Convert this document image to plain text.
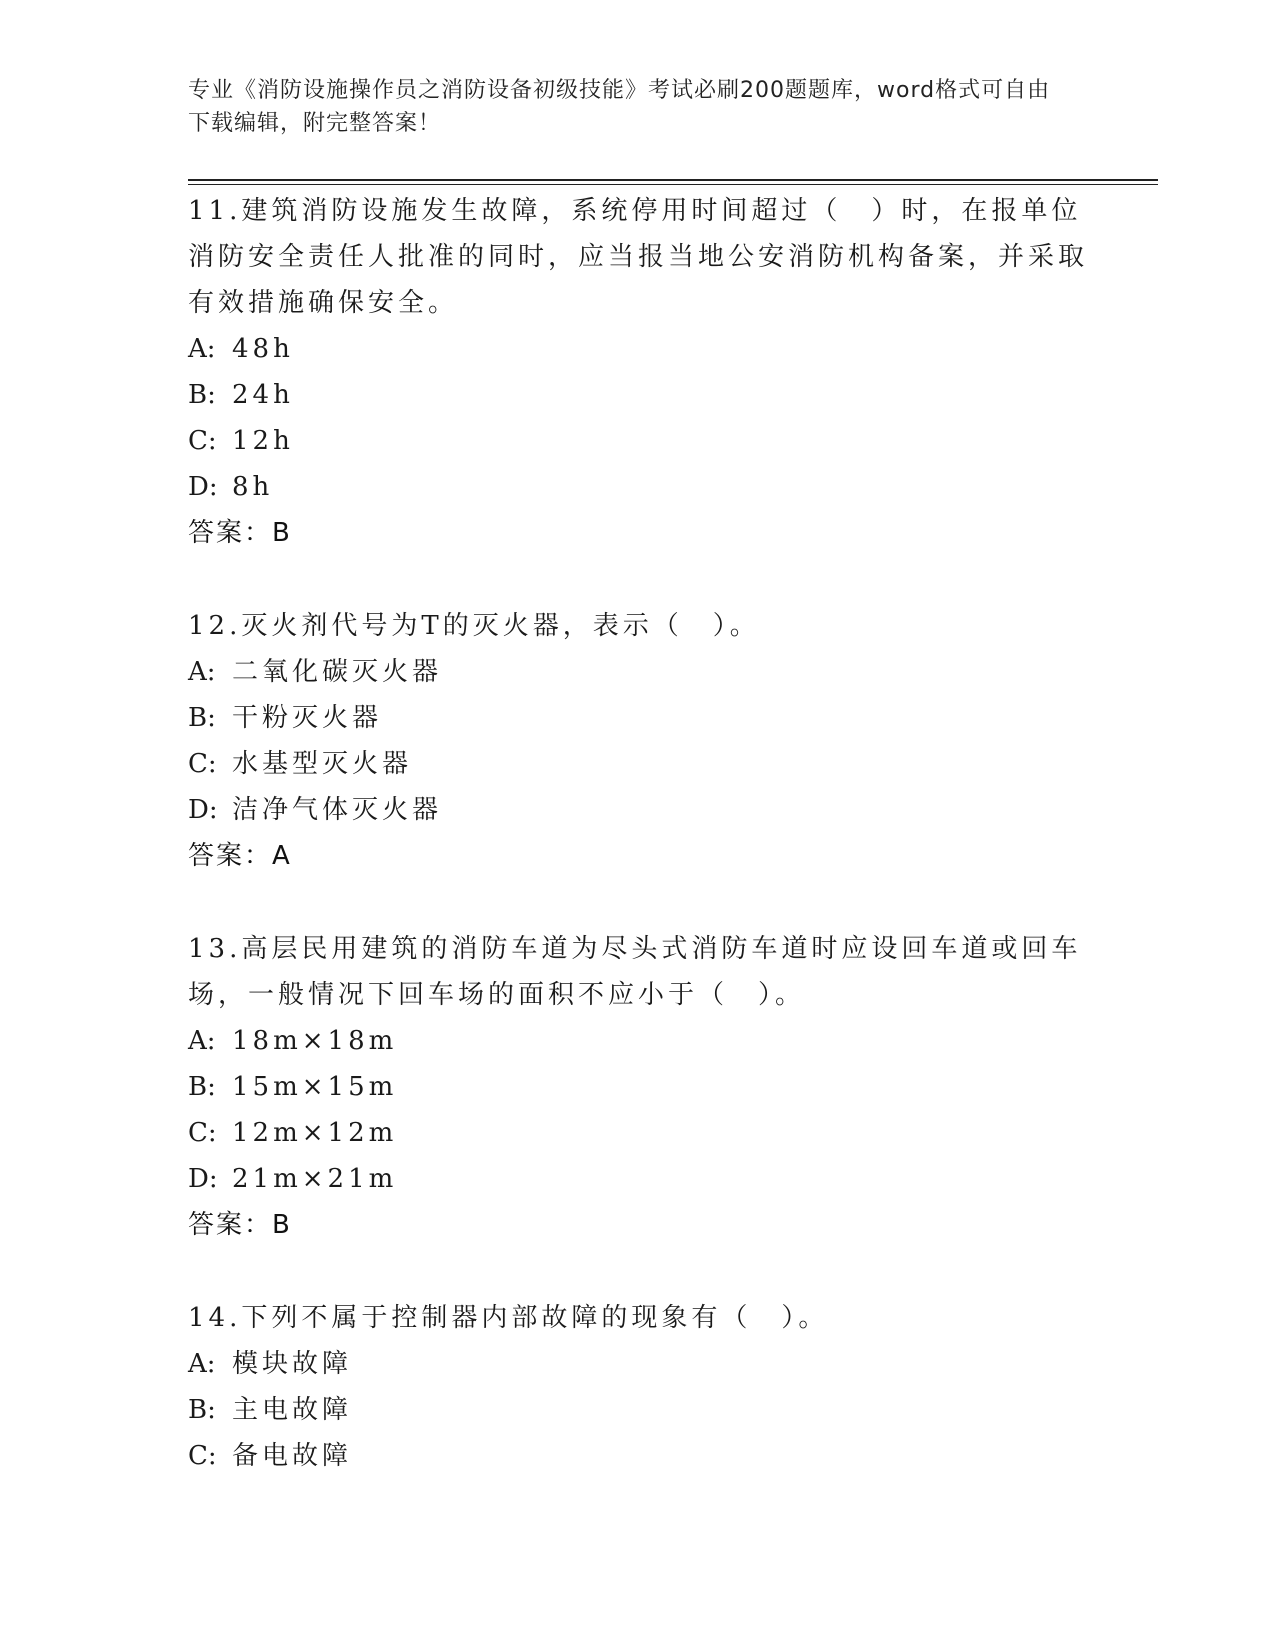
专业《消防设施操作员之消防设备初级技能》考试必刷200题题库，word格式可自由下载编辑，附完整答案！

11.建筑消防设施发生故障，系统停用时间超过（　）时，在报单位消防安全责任人批准的同时，应当报当地公安消防机构备案，并采取有效措施确保安全。

A: 48h

B: 24h

C: 12h

D: 8h

答案：B

12.灭火剂代号为T的灭火器，表示（　）。

A: 二氧化碳灭火器

B: 干粉灭火器

C: 水基型灭火器

D: 洁净气体灭火器

答案：A

13.高层民用建筑的消防车道为尽头式消防车道时应设回车道或回车场，一般情况下回车场的面积不应小于（　）。

A: 18m×18m

B: 15m×15m

C: 12m×12m

D: 21m×21m

答案：B

14.下列不属于控制器内部故障的现象有（　）。

A: 模块故障

B: 主电故障

C: 备电故障
